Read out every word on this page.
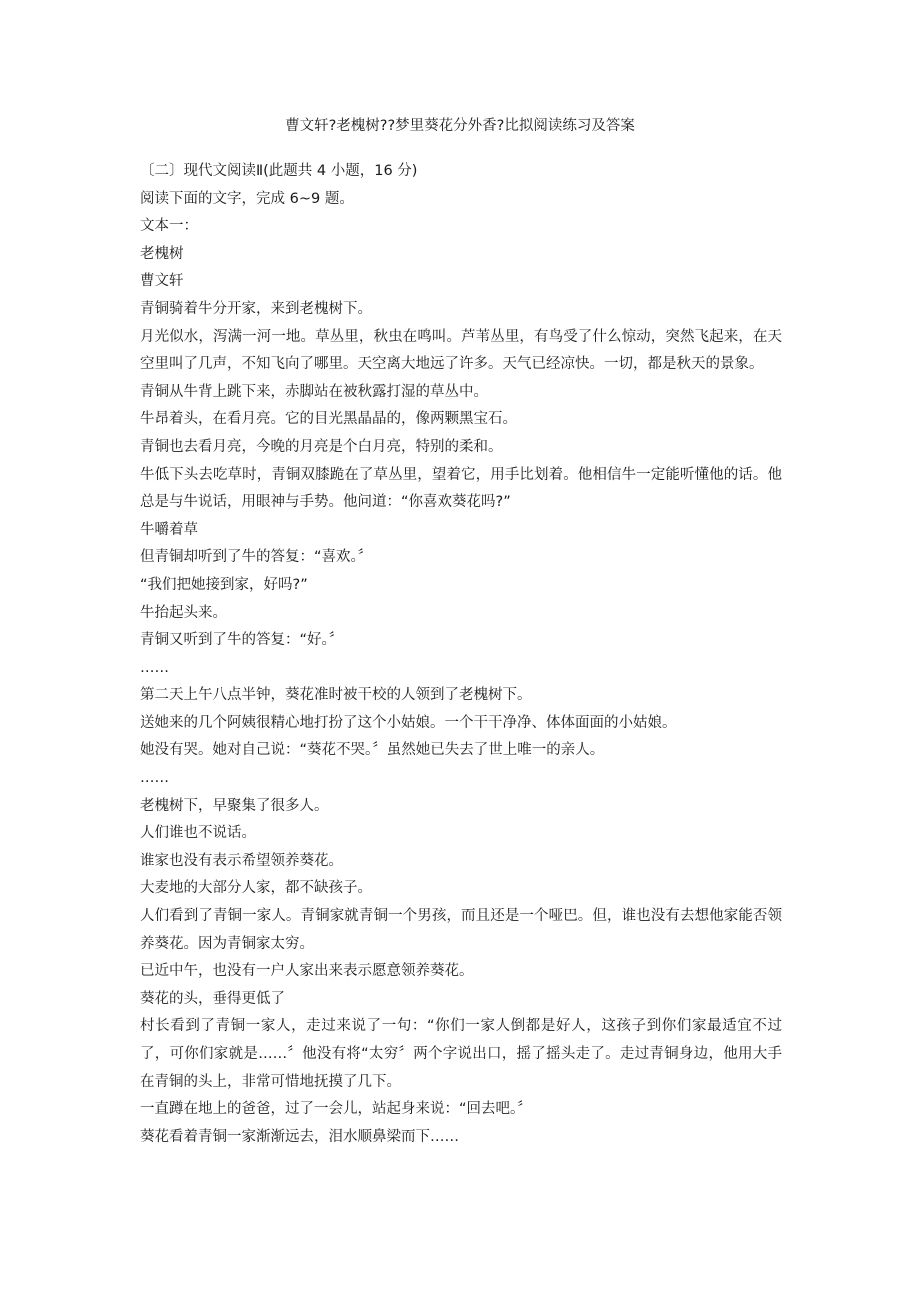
曹文轩?老槐树??梦里葵花分外香?比拟阅读练习及答案

〔二〕现代文阅读Ⅱ(此题共 4 小题，16 分)

阅读下面的文字，完成 6~9 题。

文本一：

老槐树

曹文轩

青铜骑着牛分开家，来到老槐树下。

月光似水，泻满一河一地。草丛里，秋虫在鸣叫。芦苇丛里，有鸟受了什么惊动，突然飞起来，在天空里叫了几声，不知飞向了哪里。天空离大地远了许多。天气已经凉快。一切，都是秋天的景象。

青铜从牛背上跳下来，赤脚站在被秋露打湿的草丛中。

牛昂着头，在看月亮。它的目光黑晶晶的，像两颗黑宝石。

青铜也去看月亮，今晚的月亮是个白月亮，特别的柔和。

牛低下头去吃草时，青铜双膝跪在了草丛里，望着它，用手比划着。他相信牛一定能听懂他的话。他总是与牛说话，用眼神与手势。他问道：“你喜欢葵花吗?”

牛嚼着草

但青铜却听到了牛的答复：“喜欢。〞

“我们把她接到家，好吗?”

牛抬起头来。

青铜又听到了牛的答复：“好。〞

……

第二天上午八点半钟，葵花准时被干校的人领到了老槐树下。

送她来的几个阿姨很精心地打扮了这个小姑娘。一个干干净净、体体面面的小姑娘。

她没有哭。她对自己说：“葵花不哭。〞虽然她已失去了世上唯一的亲人。

……

老槐树下，早聚集了很多人。

人们谁也不说话。

谁家也没有表示希望领养葵花。

大麦地的大部分人家，都不缺孩子。

人们看到了青铜一家人。青铜家就青铜一个男孩，而且还是一个哑巴。但，谁也没有去想他家能否领养葵花。因为青铜家太穷。

已近中午，也没有一户人家出来表示愿意领养葵花。

葵花的头，垂得更低了

村长看到了青铜一家人，走过来说了一句：“你们一家人倒都是好人，这孩子到你们家最适宜不过了，可你们家就是……〞他没有将“太穷〞两个字说出口，摇了摇头走了。走过青铜身边，他用大手在青铜的头上，非常可惜地抚摸了几下。

一直蹲在地上的爸爸，过了一会儿，站起身来说：“回去吧。〞

葵花看着青铜一家渐渐远去，泪水顺鼻梁而下……
